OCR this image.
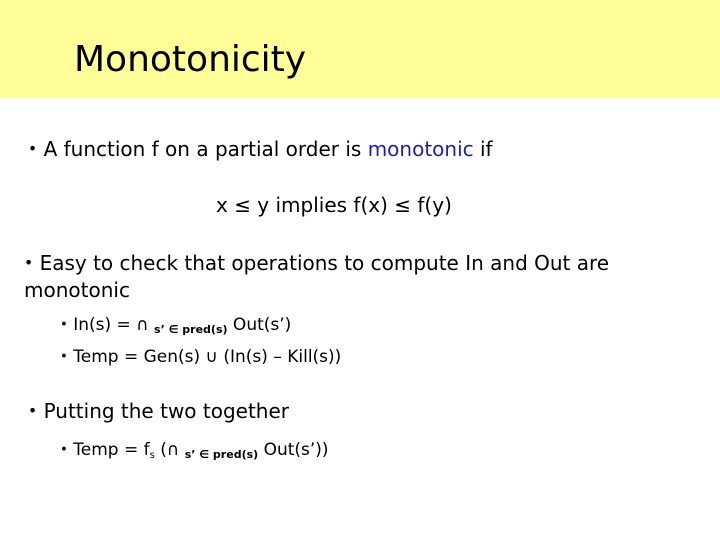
Monotonicity
• A function f on a partial order is monotonic if
x ≤ y implies f(x) ≤ f(y)
• Easy to check that operations to compute In and Out are monotonic
• In(s) = ∩ s’ ∈ pred(s) Out(s’)
• Temp = Gen(s) ∪ (In(s) – Kill(s))
• Putting the two together
• Temp = fs (∩ s’ ∈ pred(s) Out(s’))
